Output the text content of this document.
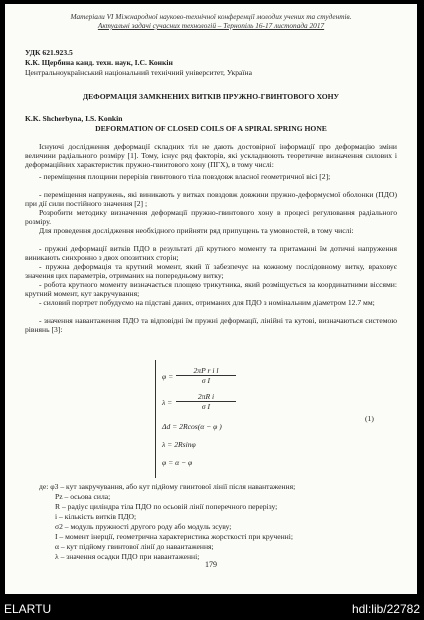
Матеріали VI Міжнародної науково-технічної конференції молодих учених та студентів.
Актуальні задачі сучасних технологій – Тернопіль 16-17 листопада 2017
УДК 621.923.5
К.К. Щербина канд. техн. наук, І.С. Конкін
Центральноукраїнський національний технічний університет, Україна
ДЕФОРМАЦІЯ ЗАМКНЕНИХ ВИТКІВ ПРУЖНО-ГВИНТОВОГО ХОНУ
K.K. Shcherbyna, I.S. Konkin
DEFORMATION OF CLOSED COILS OF A SPIRAL SPRING HONE
Існуючі дослідження деформації складних тіл не дають достовірної інформації про деформацію зміни величини радіального розміру [1]. Тому, існує ряд факторів, які ускладнюють теоретичне визначення силових і деформаційних характеристик пружно-гвинтового хону (ПГХ), в тому числі:
- переміщення площини перерізів гвинтового тіла повздовж власної геометричної вісі [2];
- переміщення напружень, які виникають у витках повздовж довжини пружно-деформуємої оболонки (ПДО) при дії сили постійного значення [2] ;
Розробити методику визначення деформації пружно-гвинтового хону в процесі регулювання радіального розміру.
Для проведення дослідження необхідного прийняти ряд припущень та умовностей, в тому числі:
- пружні деформації витків ПДО в результаті дії крутного моменту та притаманні їм дотичні напруження виникають синхронно з двох опозитних сторін;
- пружна деформація та крутний момент, який її забезпечує на кожному послідовному витку, враховує значення цих параметрів, отриманих на попередньому витку;
- робота крутного моменту визначається площею трикутника, який розміщується за координатними віссями: крутний момент, кут закручування;
- силовий портрет побудуємо на підставі даних, отриманих для ПДО з номінальним діаметром 12.7 мм;
- значення навантаження ПДО та відповідні їм пружні деформації, лінійні та кутові, визначаються системою рівнянь [3]:
$\varphi = \frac{\text{2πP r i l}}{\text{σ I}}$
$\lambda = \frac{\text{2πR i}}{\text{σ I}}$
Δd = 2Rcos(α − φ )
λ = 2Rsinφ
φ = α − φ
(1)
де: φ3 – кут закручування, або кут підйому гвинтової лінії після навантаження;
Pz – осьова сила;
R – радіус циліндра тіла ПДО по осьовій лінії поперечного перерізу;
i – кількість витків ПДО;
σ2 – модуль пружності другого роду або модуль зсуву;
I – момент інерції, геометрична характеристика жорсткості при крученні;
α – кут підйому гвинтової лінії до навантаження;
λ – значення осадки ПДО при навантаженні;
179
ELARTU	hdl:lib/22782
